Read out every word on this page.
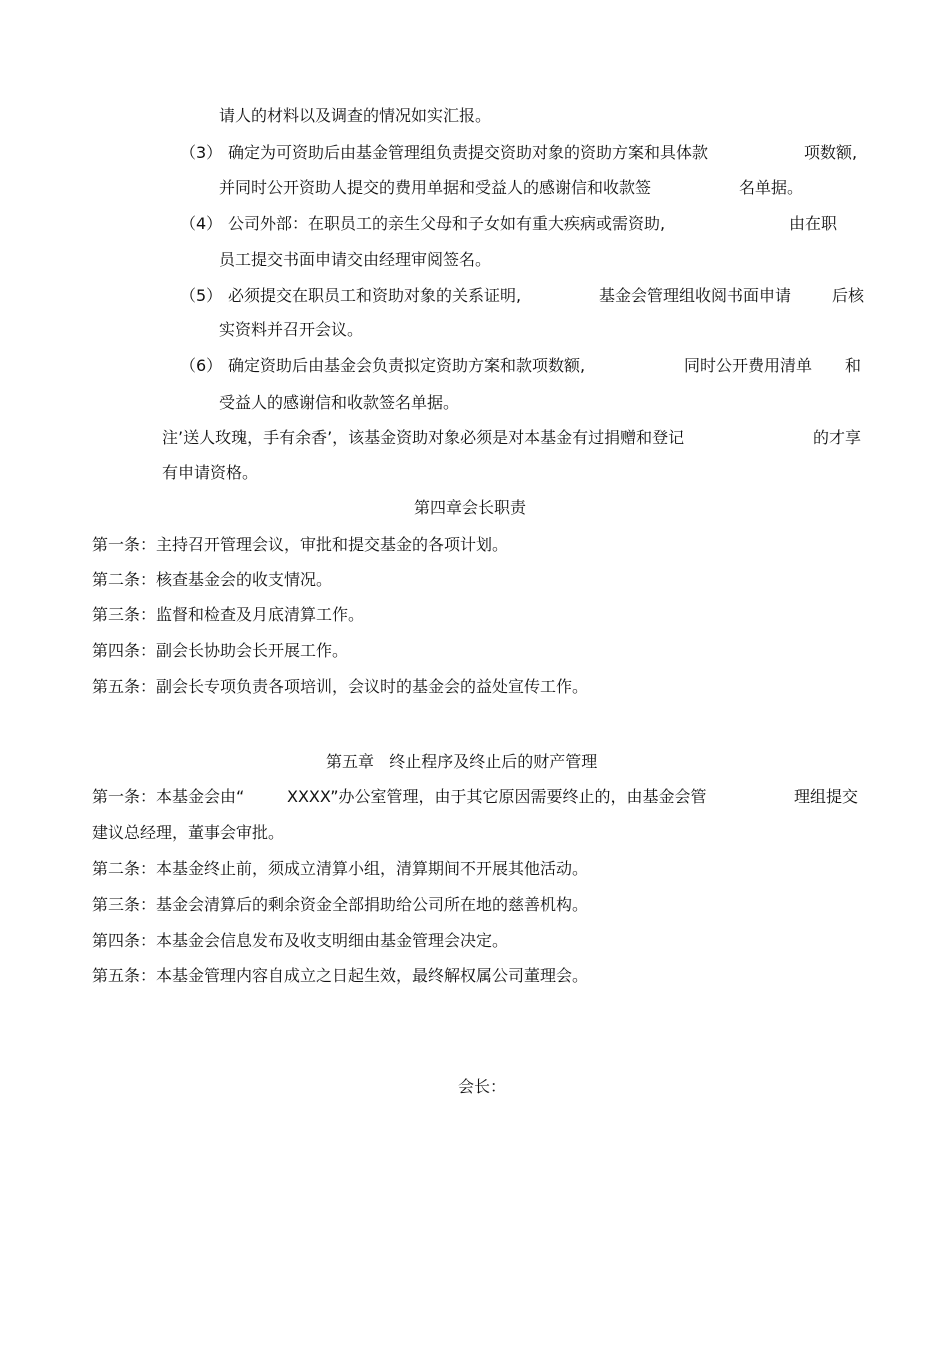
请人的材料以及调查的情况如实汇报。
（3） 确定为可资助后由基金管理组负责提交资助对象的资助方案和具体款	项数额,
并同时公开资助人提交的费用单据和受益人的感谢信和收款签	名单据。
（4） 公司外部：在职员工的亲生父母和子女如有重大疾病或需资助,	由在职
员工提交书面申请交由经理审阅签名。
（5） 必须提交在职员工和资助对象的关系证明,	基金会管理组收阅书面申请	后核
实资料并召开会议。
（6） 确定资助后由基金会负责拟定资助方案和款项数额,	同时公开费用清单 和
受益人的感谢信和收款签名单据。
注’送人玫瑰，手有余香’，该基金资助对象必须是对本基金有过捐赠和登记	的才享
有申请资格。
第四章会长职责
第一条：主持召开管理会议，审批和提交基金的各项计划。
第二条：核查基金会的收支情况。
第三条：监督和检查及月底清算工作。
第四条：副会长协助会长开展工作。
第五条：副会长专项负责各项培训，会议时的基金会的益处宣传工作。
第五章   终止程序及终止后的财产管理
第一条：本基金会由“	XXXX”办公室管理，由于其它原因需要终止的，由基金会管	理组提交
建议总经理，董事会审批。
第二条：本基金终止前，须成立清算小组，清算期间不开展其他活动。
第三条：基金会清算后的剩余资金全部捐助给公司所在地的慈善机构。
第四条：本基金会信息发布及收支明细由基金管理会决定。
第五条：本基金管理内容自成立之日起生效，最终解权属公司董理会。
会长：
